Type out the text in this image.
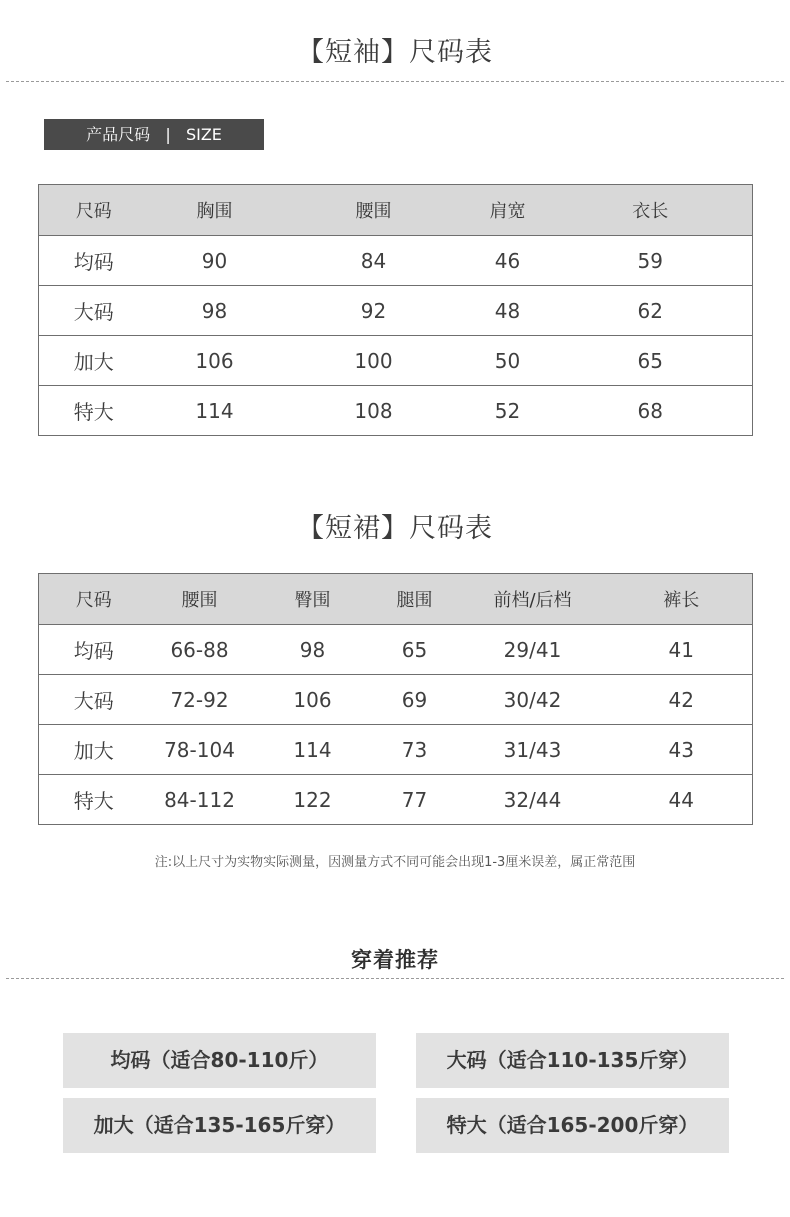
【短袖】尺码表
产品尺码   |   SIZE
尺码	胸围	腰围	肩宽	衣长
均码	90	84	46	59
大码	98	92	48	62
加大	106	100	50	65
特大	114	108	52	68
【短裙】尺码表
尺码	腰围	臀围	腿围	前档/后档	裤长
均码	66-88	98	65	29/41	41
大码	72-92	106	69	30/42	42
加大	78-104	114	73	31/43	43
特大	84-112	122	77	32/44	44
注:以上尺寸为实物实际测量，因测量方式不同可能会出现1-3厘米误差，属正常范围
穿着推荐
均码（适合80-110斤）	大码（适合110-135斤穿）
加大（适合135-165斤穿）	特大（适合165-200斤穿）
